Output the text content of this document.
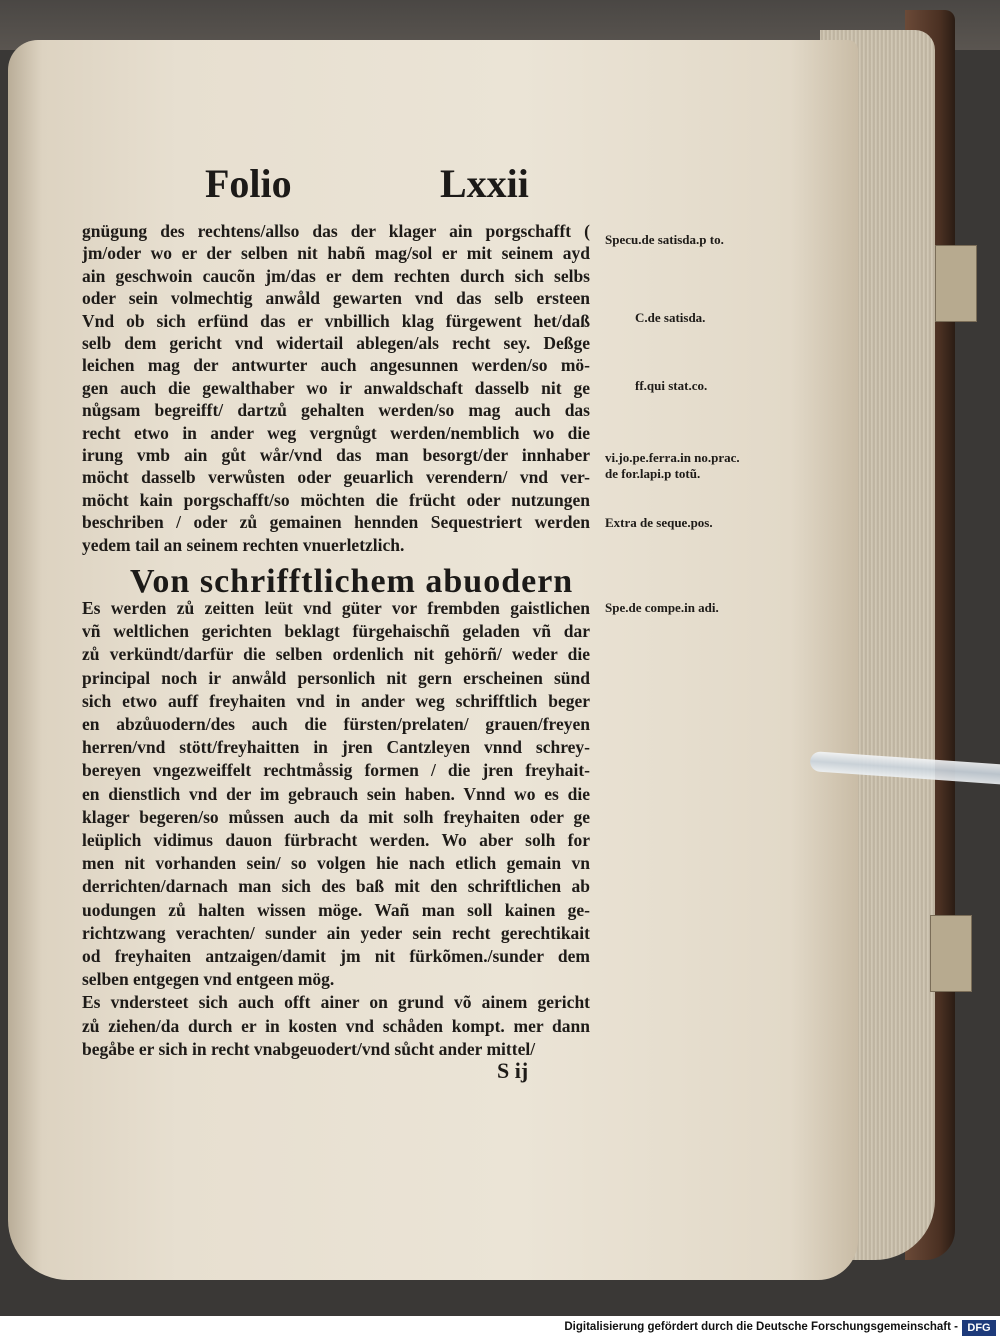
Folio	Lxxii
gnügung des rechtens/allso das der klager ain porgschafft (
jm/oder wo er der selben nit habñ mag/sol er mit seinem ayd
ain geschwoin caucõn jm/das er dem rechten durch sich selbs
oder sein volmechtig anwåld gewarten vnd das selb ersteen
Vnd ob sich erfünd das er vnbillich klag fürgewent het/daß
selb dem gericht vnd widertail ablegen/als recht sey. Deßge
leichen mag der antwurter auch angesunnen werden/so mö-
gen auch die gewalthaber wo ir anwaldschaft dasselb nit ge
nůgsam begreifft/ dartzů gehalten werden/so mag auch das
recht etwo in ander weg vergnůgt werden/nemblich wo die
irung vmb ain gůt wår/vnd das man besorgt/der innhaber
möcht dasselb verwůsten oder geuarlich verendern/ vnd ver-
möcht kain porgschafft/so möchten die frücht oder nutzungen
beschriben / oder zů gemainen hennden Sequestriert werden
yedem tail an seinem rechten vnuerletzlich.
Von schrifftlichem abuodern
Es werden zů zeitten leüt vnd güter vor frembden gaistlichen
vñ weltlichen gerichten beklagt fürgehaischñ geladen vñ dar
zů verkündt/darfür die selben ordenlich nit gehörñ/ weder die
principal noch ir anwåld personlich nit gern erscheinen sünd
sich etwo auff freyhaiten vnd in ander weg schrifftlich beger
en abzůuodern/des auch die fürsten/prelaten/ grauen/freyen
herren/vnd stött/freyhaitten in jren Cantzleyen vnnd schrey-
bereyen vngezweiffelt rechtmåssig formen / die jren freyhait-
en dienstlich vnd der im gebrauch sein haben. Vnnd wo es die
klager begeren/so můssen auch da mit solh freyhaiten oder ge
leüplich vidimus dauon fürbracht werden. Wo aber solh for
men nit vorhanden sein/ so volgen hie nach etlich gemain vn
derrichten/darnach man sich des baß mit den schriftlichen ab
uodungen zů halten wissen möge. Wañ man soll kainen ge-
richtzwang verachten/ sunder ain yeder sein recht gerechtikait
od freyhaiten antzaigen/damit jm nit fürkõmen./sunder dem
selben entgegen vnd entgeen mög.
Es vndersteet sich auch offt ainer on grund võ ainem gericht
zů ziehen/da durch er in kosten vnd schåden kompt. mer dann
begåbe er sich in recht vnabgeuodert/vnd sůcht ander mittel/
S ij
Specu.de satisda.p to.
C.de satisda.
ff.qui stat.co.
vi.jo.pe.ferra.in no.prac.
de for.lapi.p totũ.
Extra de seque.pos.
Spe.de compe.in adi.
Digitalisierung gefördert durch die Deutsche Forschungsgemeinschaft - DFG
